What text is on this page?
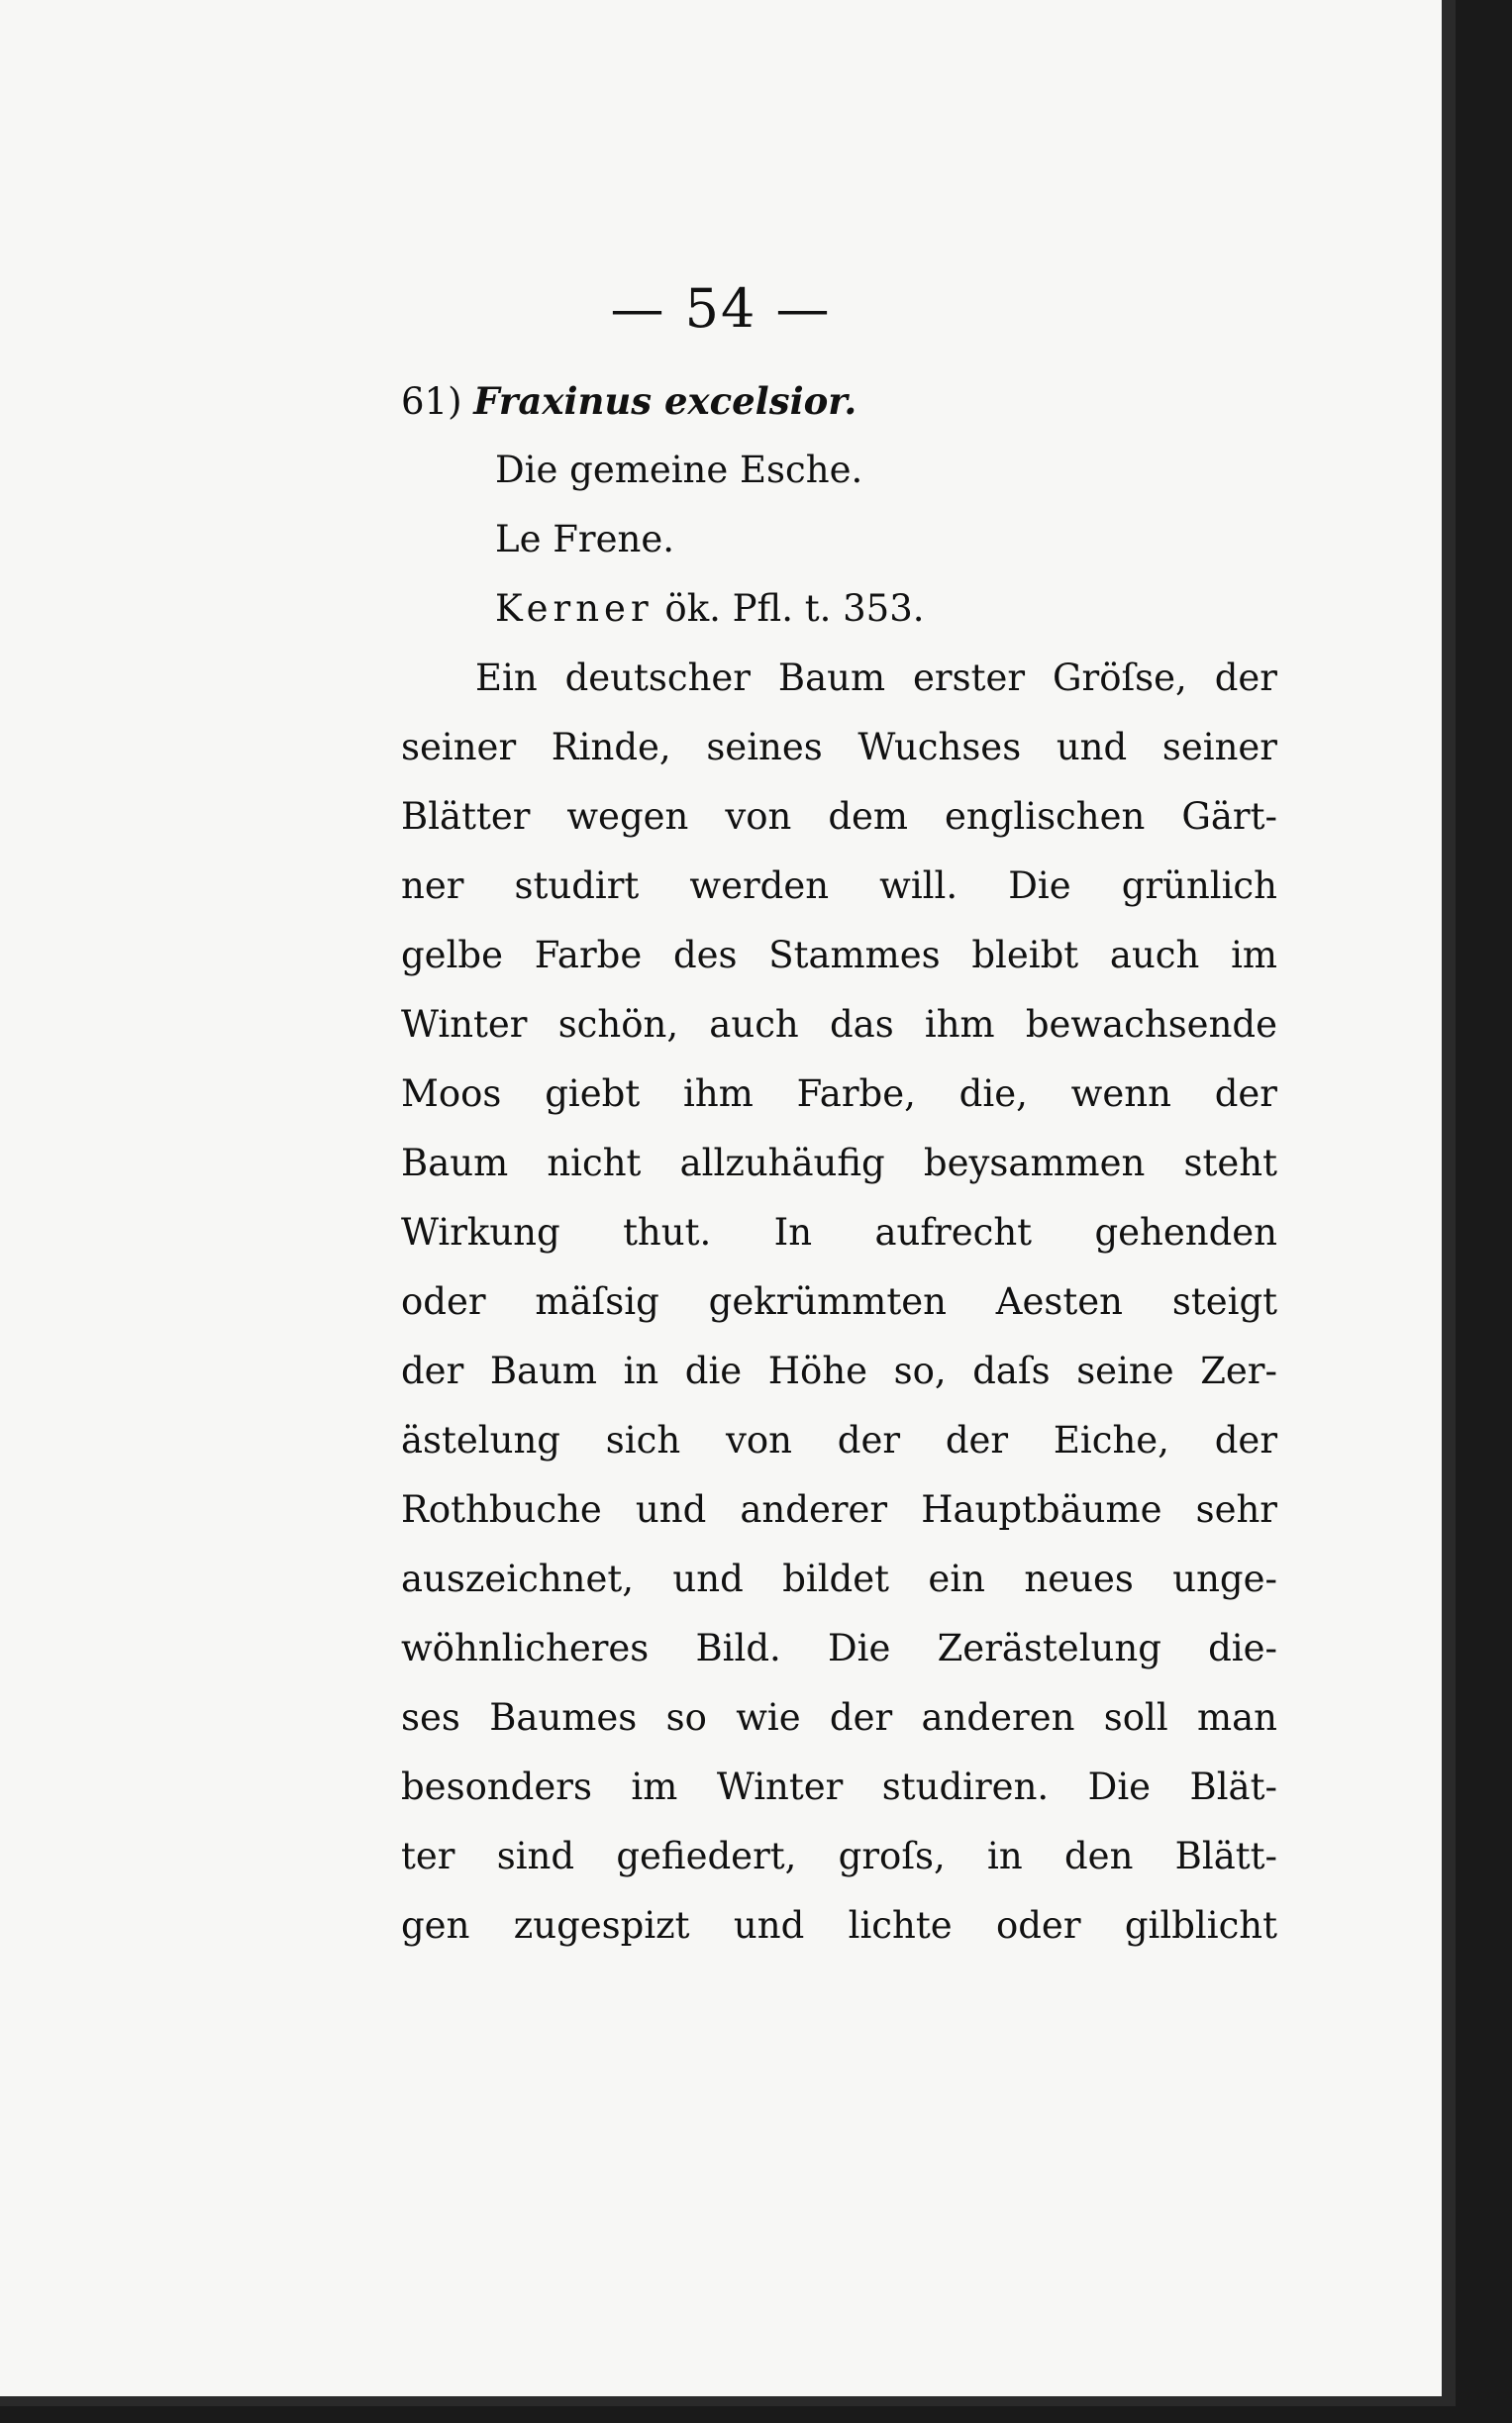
— 54 —
61) Fraxinus excelsior.
Die gemeine Esche.
Le Frene.
Kerner ök. Pfl. t. 353.
Ein deutscher Baum erster Gröſse, der
seiner Rinde, seines Wuchses und seiner
Blätter wegen von dem englischen Gärt-
ner studirt werden will. Die grünlich
gelbe Farbe des Stammes bleibt auch im
Winter schön, auch das ihm bewachsende
Moos giebt ihm Farbe, die, wenn der
Baum nicht allzuhäufig beysammen steht
Wirkung thut. In aufrecht gehenden
oder mäſsig gekrümmten Aesten steigt
der Baum in die Höhe so, daſs seine Zer-
ästelung sich von der der Eiche, der
Rothbuche und anderer Hauptbäume sehr
auszeichnet, und bildet ein neues unge-
wöhnlicheres Bild. Die Zerästelung die-
ses Baumes so wie der anderen soll man
besonders im Winter studiren. Die Blät-
ter sind gefiedert, groſs, in den Blätt-
gen zugespizt und lichte oder gilblicht
